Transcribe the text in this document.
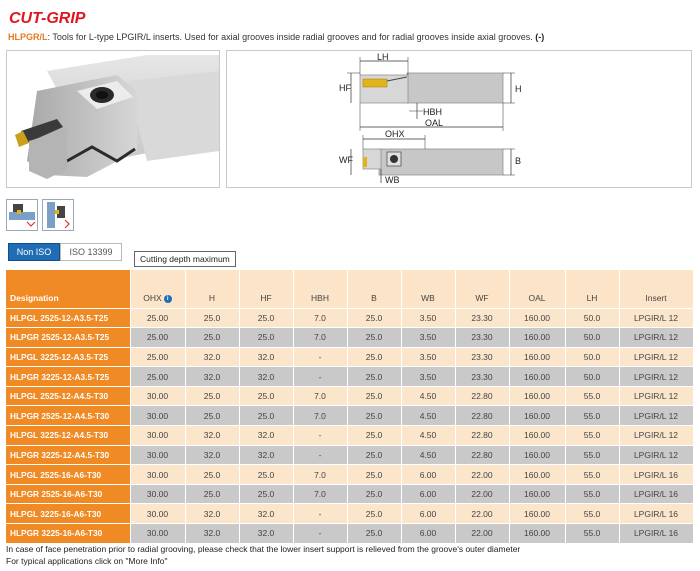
CUT-GRIP
HLPGR/L: Tools for L-type LPGIR/L inserts. Used for axial grooves inside radial grooves and for radial grooves inside axial grooves. (-)
LH
HF	H
HBH
OAL
OHX
WF	B
WB
Non ISO	ISO 13399
Cutting depth maximum
Designation	OHX i	H	HF	HBH	B	WB	WF	OAL	LH	Insert
HLPGL 2525-12-A3.5-T25	25.00	25.0	25.0	7.0	25.0	3.50	23.30	160.00	50.0	LPGIR/L 12
HLPGR 2525-12-A3.5-T25	25.00	25.0	25.0	7.0	25.0	3.50	23.30	160.00	50.0	LPGIR/L 12
HLPGL 3225-12-A3.5-T25	25.00	32.0	32.0	-	25.0	3.50	23.30	160.00	50.0	LPGIR/L 12
HLPGR 3225-12-A3.5-T25	25.00	32.0	32.0	-	25.0	3.50	23.30	160.00	50.0	LPGIR/L 12
HLPGL 2525-12-A4.5-T30	30.00	25.0	25.0	7.0	25.0	4.50	22.80	160.00	55.0	LPGIR/L 12
HLPGR 2525-12-A4.5-T30	30.00	25.0	25.0	7.0	25.0	4.50	22.80	160.00	55.0	LPGIR/L 12
HLPGL 3225-12-A4.5-T30	30.00	32.0	32.0	-	25.0	4.50	22.80	160.00	55.0	LPGIR/L 12
HLPGR 3225-12-A4.5-T30	30.00	32.0	32.0	-	25.0	4.50	22.80	160.00	55.0	LPGIR/L 12
HLPGL 2525-16-A6-T30	30.00	25.0	25.0	7.0	25.0	6.00	22.00	160.00	55.0	LPGIR/L 16
HLPGR 2525-16-A6-T30	30.00	25.0	25.0	7.0	25.0	6.00	22.00	160.00	55.0	LPGIR/L 16
HLPGL 3225-16-A6-T30	30.00	32.0	32.0	-	25.0	6.00	22.00	160.00	55.0	LPGIR/L 16
HLPGR 3225-16-A6-T30	30.00	32.0	32.0	-	25.0	6.00	22.00	160.00	55.0	LPGIR/L 16
In case of face penetration prior to radial grooving, please check that the lower insert support is relieved from the groove's outer diameter
For typical applications click on "More Info"
